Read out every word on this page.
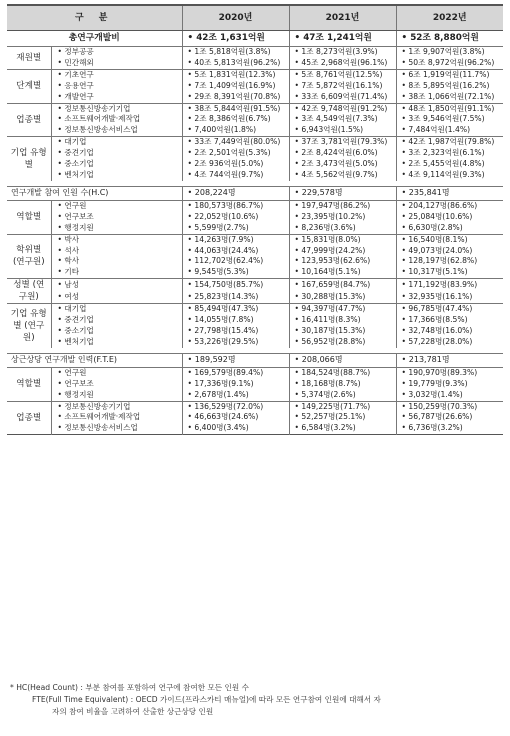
구 분		2020년	2021년	2022년
총연구개발비		• 42조 1,631억원	• 47조 1,241억원	• 52조 8,880억원
재원별	• 정부공공	• 1조 5,818억원(3.8%)	• 1조 8,273억원(3.9%)	• 1조 9,907억원(3.8%)
	• 민간해외	• 40조 5,813억원(96.2%)	• 45조 2,968억원(96.1%)	• 50조 8,972억원(96.2%)
단계별	• 기초연구	• 5조 1,831억원(12.3%)	• 5조 8,761억원(12.5%)	• 6조 1,919억원(11.7%)
	• 응용연구	• 7조 1,409억원(16.9%)	• 7조 5,872억원(16.1%)	• 8조 5,895억원(16.2%)
	• 개발연구	• 29조 8,391억원(70.8%)	• 33조 6,609억원(71.4%)	• 38조 1,066억원(72.1%)
업종별	• 정보통신방송기기업	• 38조 5,844억원(91.5%)	• 42조 9,748억원(91.2%)	• 48조 1,850억원(91.1%)
	• 소프트웨어개발·제작업	• 2조 8,386억원(6.7%)	• 3조 4,549억원(7.3%)	• 3조 9,546억원(7.5%)
	• 정보통신방송서비스업	• 7,400억원(1.8%)	• 6,943억원(1.5%)	• 7,484억원(1.4%)
기업 유형별	• 대기업	• 33조 7,449억원(80.0%)	• 37조 3,781억원(79.3%)	• 42조 1,987억원(79.8%)
	• 중견기업	• 2조 2,501억원(5.3%)	• 2조 8,424억원(6.0%)	• 3조 2,323억원(6.1%)
	• 중소기업	• 2조 936억원(5.0%)	• 2조 3,473억원(5.0%)	• 2조 5,455억원(4.8%)
	• 벤처기업	• 4조 744억원(9.7%)	• 4조 5,562억원(9.7%)	• 4조 9,114억원(9.3%)

연구개발 참여 인원 수(H.C)		• 208,224명	• 229,578명	• 235,841명
역할별	• 연구원	• 180,573명(86.7%)	• 197,947명(86.2%)	• 204,127명(86.6%)
	• 연구보조	• 22,052명(10.6%)	• 23,395명(10.2%)	• 25,084명(10.6%)
	• 행정지원	• 5,599명(2.7%)	• 8,236명(3.6%)	• 6,630명(2.8%)
학위별 (연구원)	• 박사	• 14,263명(7.9%)	• 15,831명(8.0%)	• 16,540명(8.1%)
	• 석사	• 44,063명(24.4%)	• 47,999명(24.2%)	• 49,073명(24.0%)
	• 학사	• 112,702명(62.4%)	• 123,953명(62.6%)	• 128,197명(62.8%)
	• 기타	• 9,545명(5.3%)	• 10,164명(5.1%)	• 10,317명(5.1%)
성별 (연구원)	• 남성	• 154,750명(85.7%)	• 167,659명(84.7%)	• 171,192명(83.9%)
	• 여성	• 25,823명(14.3%)	• 30,288명(15.3%)	• 32,935명(16.1%)
기업 유형별 (연구원)	• 대기업	• 85,494명(47.3%)	• 94,397명(47.7%)	• 96,785명(47.4%)
	• 중견기업	• 14,055명(7.8%)	• 16,411명(8.3%)	• 17,366명(8.5%)
	• 중소기업	• 27,798명(15.4%)	• 30,187명(15.3%)	• 32,748명(16.0%)
	• 벤처기업	• 53,226명(29.5%)	• 56,952명(28.8%)	• 57,228명(28.0%)

상근상당 연구개발 인력(F.T.E)		• 189,592명	• 208,066명	• 213,781명
역할별	• 연구원	• 169,579명(89.4%)	• 184,524명(88.7%)	• 190,970명(89.3%)
	• 연구보조	• 17,336명(9.1%)	• 18,168명(8.7%)	• 19,779명(9.3%)
	• 행정지원	• 2,678명(1.4%)	• 5,374명(2.6%)	• 3,032명(1.4%)
업종별	• 정보통신방송기기업	• 136,529명(72.0%)	• 149,225명(71.7%)	• 150,259명(70.3%)
	• 소프트웨어개발·제작업	• 46,663명(24.6%)	• 52,257명(25.1%)	• 56,787명(26.6%)
	• 정보통신방송서비스업	• 6,400명(3.4%)	• 6,584명(3.2%)	• 6,736명(3.2%)

* HC(Head Count) : 부분 참여를 포함하여 연구에 참여한 모든 인원 수
FTE(Full Time Equivalent) : OECD 가이드(프라스카티 매뉴얼)에 따라 모든 연구참여 인원에 대해서 자
자의 참여 비율을 고려하여 산출한 상근상당 인원
